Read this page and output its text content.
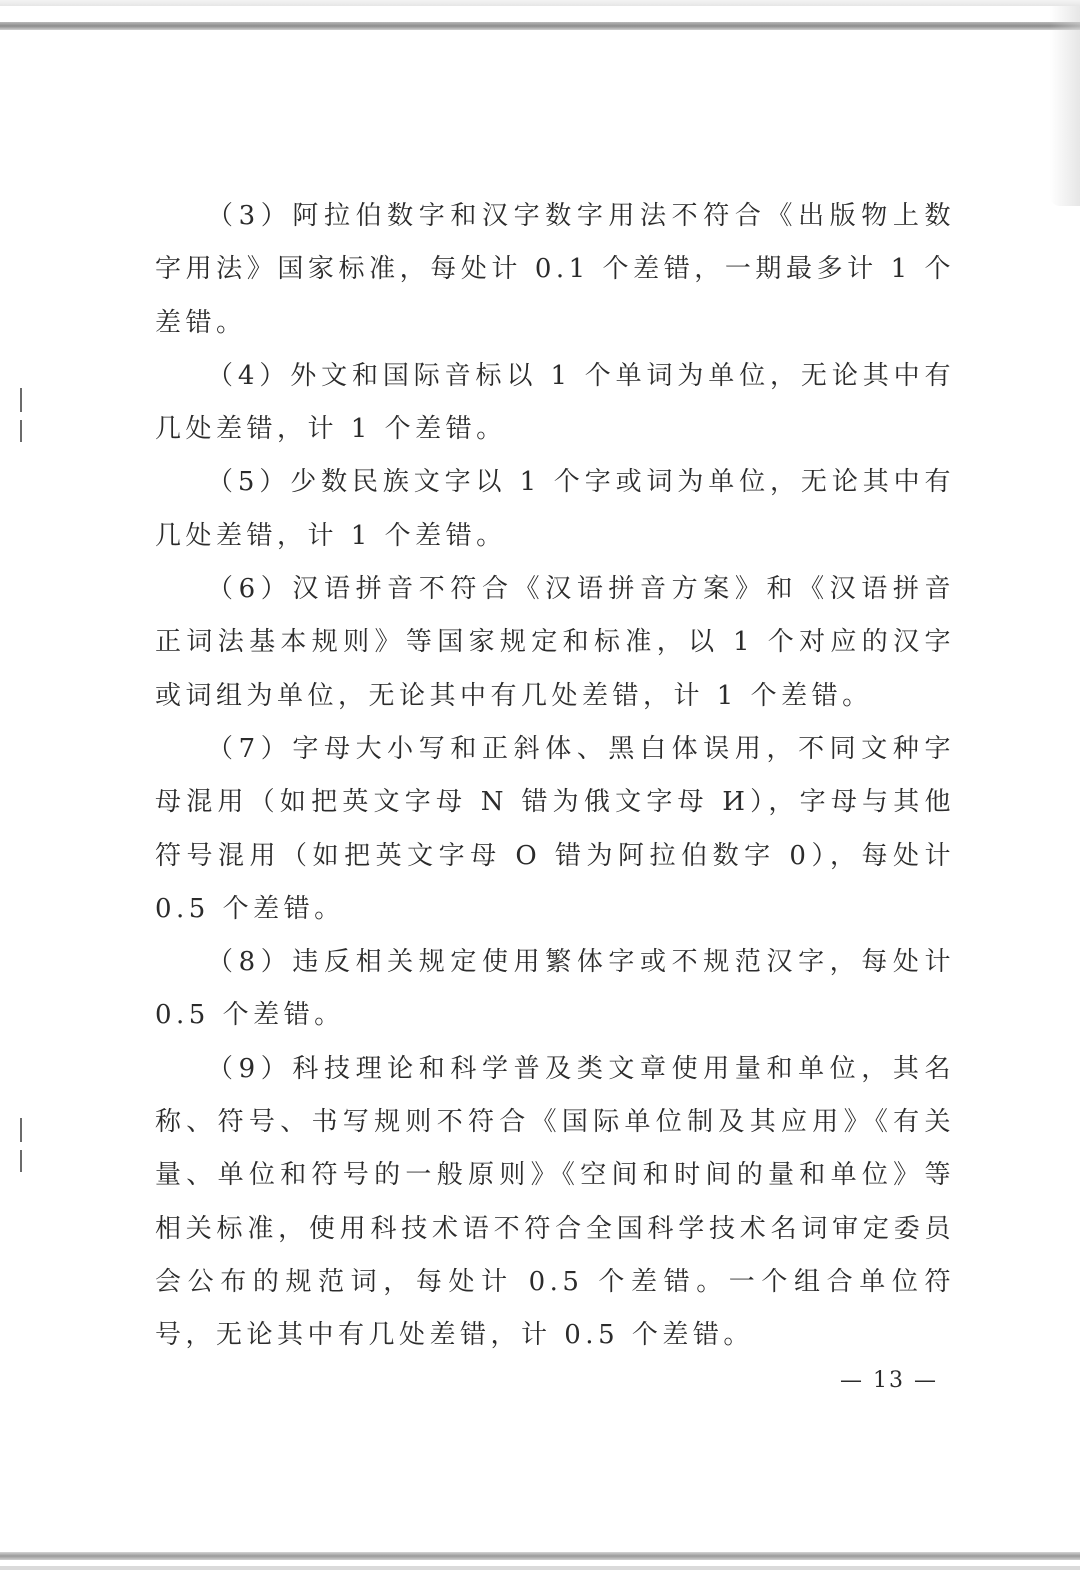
（3）阿拉伯数字和汉字数字用法不符合《出版物上数字用法》国家标准，每处计 0.1 个差错，一期最多计 1 个差错。

（4）外文和国际音标以 1 个单词为单位，无论其中有几处差错，计 1 个差错。

（5）少数民族文字以 1 个字或词为单位，无论其中有几处差错，计 1 个差错。

（6）汉语拼音不符合《汉语拼音方案》和《汉语拼音正词法基本规则》等国家规定和标准，以 1 个对应的汉字或词组为单位，无论其中有几处差错，计 1 个差错。

（7）字母大小写和正斜体、黑白体误用，不同文种字母混用（如把英文字母 N 错为俄文字母 И），字母与其他符号混用（如把英文字母 O 错为阿拉伯数字 0），每处计 0.5 个差错。

（8）违反相关规定使用繁体字或不规范汉字，每处计 0.5 个差错。

（9）科技理论和科学普及类文章使用量和单位，其名称、符号、书写规则不符合《国际单位制及其应用》《有关量、单位和符号的一般原则》《空间和时间的量和单位》等相关标准，使用科技术语不符合全国科学技术名词审定委员会公布的规范词，每处计 0.5 个差错。一个组合单位符号，无论其中有几处差错，计 0.5 个差错。

— 13 —
